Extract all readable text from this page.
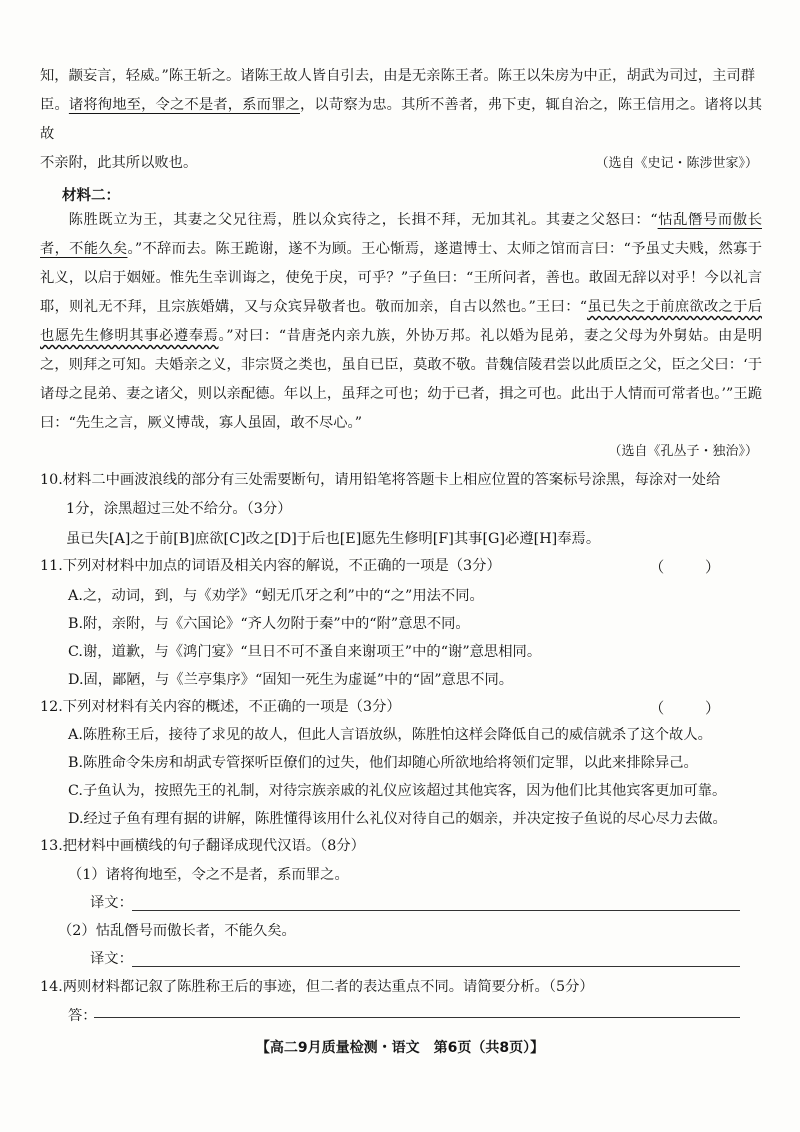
知，颛妄言，轻威。”陈王斩之。诸陈王故人皆自引去，由是无亲陈王者。陈王以朱房为中正，胡武为司过，主司群
臣。诸将徇地至，令之不是者，系而罪之，以苛察为忠。其所不善者，弗下吏，辄自治之，陈王信用之。诸将以其故
不亲附，此其所以败也。	（选自《史记・陈涉世家》）
材料二：
陈胜既立为王，其妻之父兄往焉，胜以众宾待之，长揖不拜，无加其礼。其妻之父怒曰：“怙乱僭号而傲长者，不能久矣。”不辞而去。陈王跪谢，遂不为顾。王心惭焉，遂遣博士、太师之馆而言曰：“予虽丈夫贱，然寡于礼义，以启于姻娅。惟先生幸训诲之，使免于戾，可乎？”子鱼曰：“王所问者，善也。敢固无辞以对乎！今以礼言耶，则礼无不拜，且宗族婚媾，又与众宾异敬者也。敬而加亲，自古以然也。”王曰：“虽已失之于前庶欲改之于后也愿先生修明其事必遵奉焉。”对曰：“昔唐尧内亲九族，外协万邦。礼以婚为昆弟，妻之父母为外舅姑。由是明之，则拜之可知。夫婚亲之义，非宗贤之类也，虽自已臣，莫敢不敬。昔魏信陵君尝以此质臣之父，臣之父曰：‘于诸母之昆弟、妻之诸父，则以亲配德。年以上，虽拜之可也；幼于已者，揖之可也。此出于人情而可常者也。’”王跪曰：“先生之言，厥义博哉，寡人虽固，敢不尽心。”
（选自《孔丛子・独治》）
10.材料二中画波浪线的部分有三处需要断句，请用铅笔将答题卡上相应位置的答案标号涂黑，每涂对一处给
1分，涂黑超过三处不给分。（3分）
虽已失[A]之于前[B]庶欲[C]改之[D]于后也[E]愿先生修明[F]其事[G]必遵[H]奉焉。
11.下列对材料中加点的词语及相关内容的解说，不正确的一项是（3分）	（ ）
A.之，动词，到，与《劝学》“蚓无爪牙之利”中的“之”用法不同。
B.附，亲附，与《六国论》“齐人勿附于秦”中的“附”意思不同。
C.谢，道歉，与《鸿门宴》“旦日不可不蚤自来谢项王”中的“谢”意思相同。
D.固，鄙陋，与《兰亭集序》“固知一死生为虚诞”中的“固”意思不同。
12.下列对材料有关内容的概述，不正确的一项是（3分）	（ ）
A.陈胜称王后，接待了求见的故人，但此人言语放纵，陈胜怕这样会降低自己的威信就杀了这个故人。
B.陈胜命令朱房和胡武专管探听臣僚们的过失，他们却随心所欲地给将领们定罪，以此来排除异己。
C.子鱼认为，按照先王的礼制，对待宗族亲戚的礼仪应该超过其他宾客，因为他们比其他宾客更加可靠。
D.经过子鱼有理有据的讲解，陈胜懂得该用什么礼仪对待自己的姻亲，并决定按子鱼说的尽心尽力去做。
13.把材料中画横线的句子翻译成现代汉语。（8分）
（1）诸将徇地至，令之不是者，系而罪之。
译文：
（2）怙乱僭号而傲长者，不能久矣。
译文：
14.两则材料都记叙了陈胜称王后的事迹，但二者的表达重点不同。请简要分析。（5分）
答：
【高二9月质量检测・语文　第6页（共8页）】
